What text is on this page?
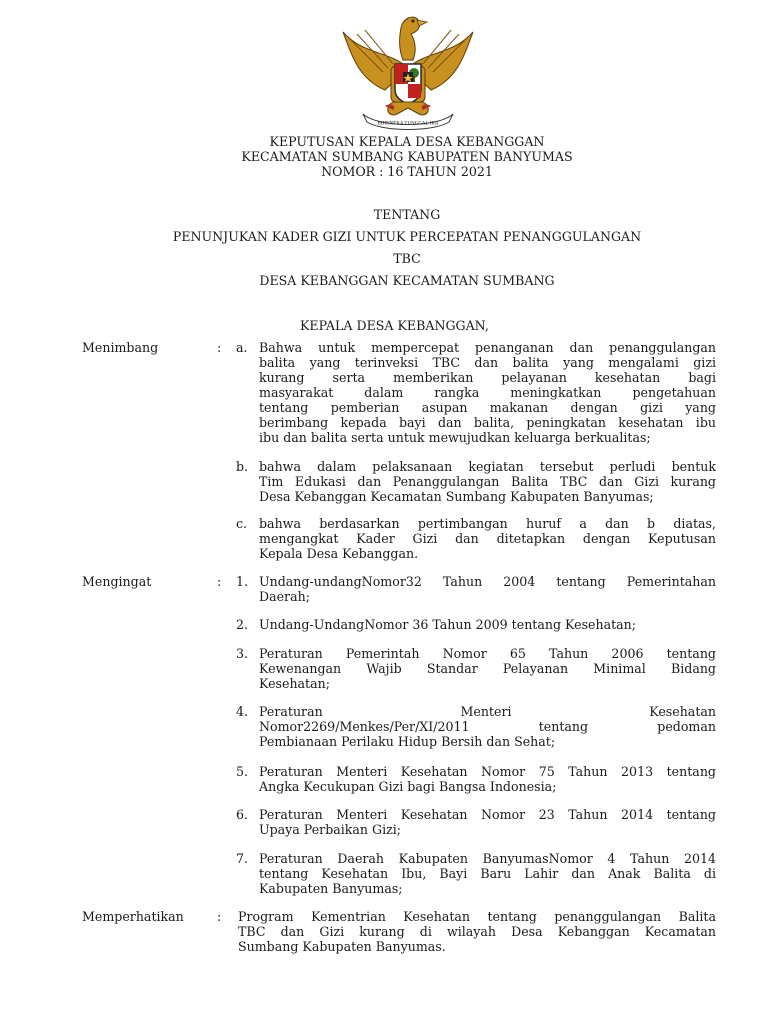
BHINNEKA TUNGGAL IKA
KEPUTUSAN KEPALA DESA KEBANGGAN
KECAMATAN SUMBANG KABUPATEN BANYUMAS
NOMOR : 16 TAHUN 2021
TENTANG
PENUNJUKAN KADER GIZI UNTUK PERCEPATAN PENANGGULANGAN
TBC
DESA KEBANGGAN KECAMATAN SUMBANG
KEPALA DESA KEBANGGAN,
Menimbang	: a. Bahwa untuk mempercepat penanganan dan penanggulangan
balita yang terinveksi TBC dan balita yang mengalami gizi
kurang serta memberikan pelayanan kesehatan bagi
masyarakat dalam rangka meningkatkan pengetahuan
tentang pemberian asupan makanan dengan gizi yang
berimbang kepada bayi dan balita, peningkatan kesehatan ibu
ibu dan balita serta untuk mewujudkan keluarga berkualitas;
b. bahwa dalam pelaksanaan kegiatan tersebut perludi bentuk
Tim Edukasi dan Penanggulangan Balita TBC dan Gizi kurang
Desa Kebanggan Kecamatan Sumbang Kabupaten Banyumas;
c. bahwa berdasarkan pertimbangan huruf a dan b diatas,
mengangkat Kader Gizi dan ditetapkan dengan Keputusan
Kepala Desa Kebanggan.
Mengingat	: 1. Undang-undangNomor32 Tahun 2004 tentang Pemerintahan
Daerah;
2. Undang-UndangNomor 36 Tahun 2009 tentang Kesehatan;
3. Peraturan Pemerintah Nomor 65 Tahun 2006 tentang
Kewenangan Wajib Standar Pelayanan Minimal Bidang
Kesehatan;
4. Peraturan Menteri Kesehatan
Nomor2269/Menkes/Per/XI/2011 tentang pedoman
Pembianaan Perilaku Hidup Bersih dan Sehat;
5. Peraturan Menteri Kesehatan Nomor 75 Tahun 2013 tentang
Angka Kecukupan Gizi bagi Bangsa Indonesia;
6. Peraturan Menteri Kesehatan Nomor 23 Tahun 2014 tentang
Upaya Perbaikan Gizi;
7. Peraturan Daerah Kabupaten BanyumasNomor 4 Tahun 2014
tentang Kesehatan Ibu, Bayi Baru Lahir dan Anak Balita di
Kabupaten Banyumas;
Memperhatikan	: Program Kementrian Kesehatan tentang penanggulangan Balita
TBC dan Gizi kurang di wilayah Desa Kebanggan Kecamatan
Sumbang Kabupaten Banyumas.
